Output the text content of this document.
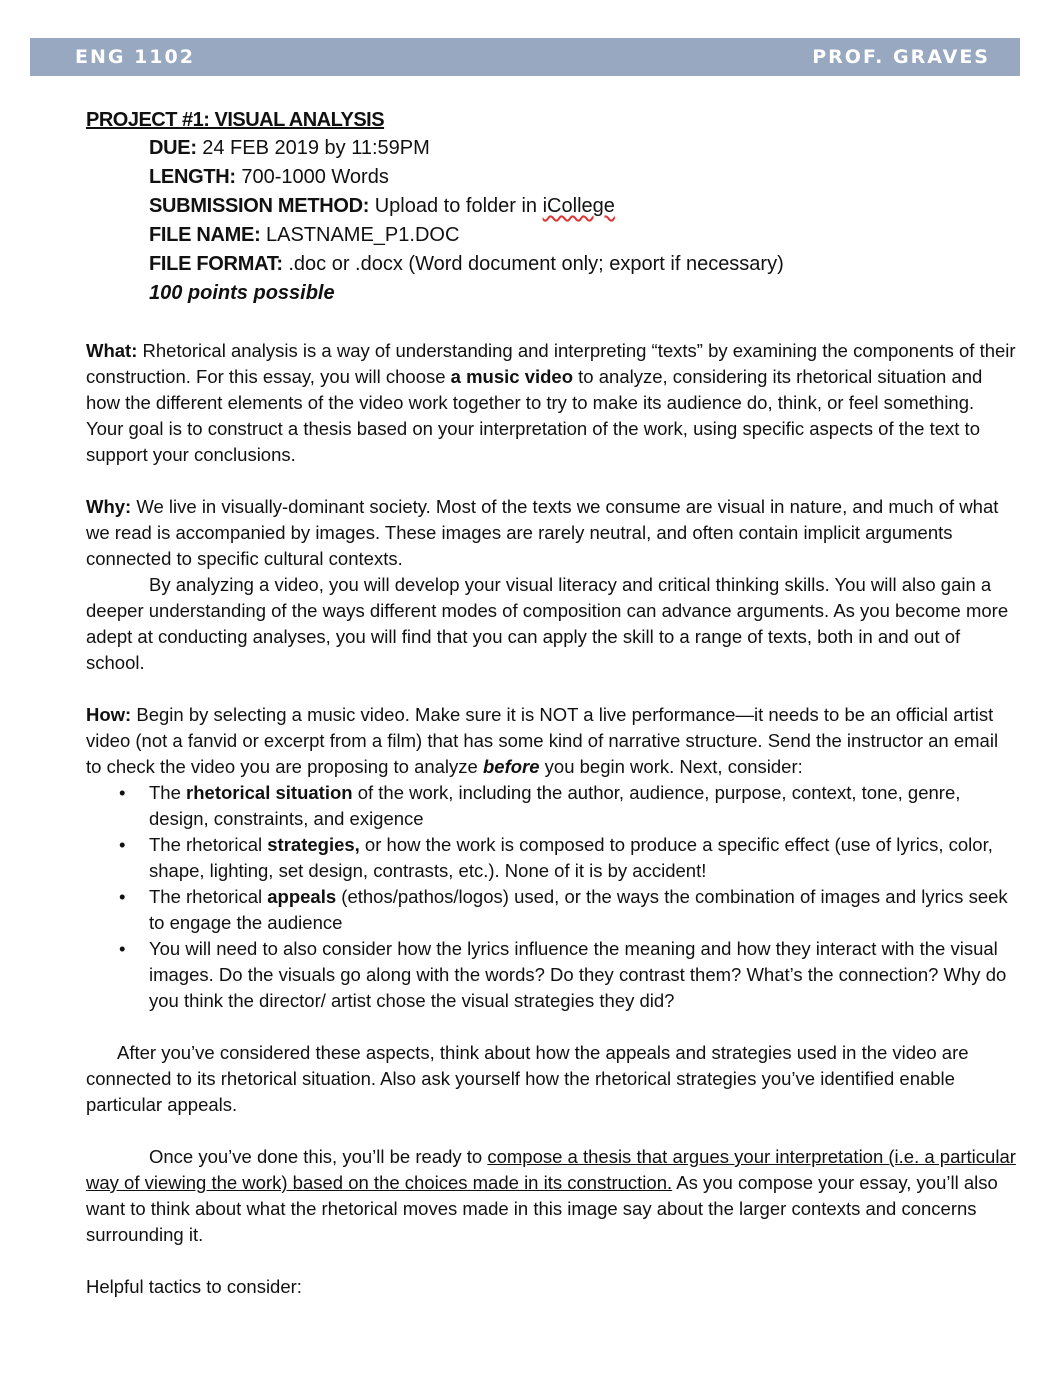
ENG 1102	PROF. GRAVES

PROJECT #1: VISUAL ANALYSIS

DUE: 24 FEB 2019 by 11:59PM
LENGTH: 700-1000 Words
SUBMISSION METHOD: Upload to folder in iCollege
FILE NAME: LASTNAME_P1.DOC
FILE FORMAT: .doc or .docx (Word document only; export if necessary)
100 points possible

What: Rhetorical analysis is a way of understanding and interpreting “texts” by examining the components of their construction. For this essay, you will choose a music video to analyze, considering its rhetorical situation and how the different elements of the video work together to try to make its audience do, think, or feel something. Your goal is to construct a thesis based on your interpretation of the work, using specific aspects of the text to support your conclusions.

Why: We live in visually-dominant society. Most of the texts we consume are visual in nature, and much of what we read is accompanied by images. These images are rarely neutral, and often contain implicit arguments connected to specific cultural contexts.

By analyzing a video, you will develop your visual literacy and critical thinking skills. You will also gain a deeper understanding of the ways different modes of composition can advance arguments. As you become more adept at conducting analyses, you will find that you can apply the skill to a range of texts, both in and out of school.

How: Begin by selecting a music video. Make sure it is NOT a live performance—it needs to be an official artist video (not a fanvid or excerpt from a film) that has some kind of narrative structure. Send the instructor an email to check the video you are proposing to analyze before you begin work. Next, consider:

• The rhetorical situation of the work, including the author, audience, purpose, context, tone, genre, design, constraints, and exigence
• The rhetorical strategies, or how the work is composed to produce a specific effect (use of lyrics, color, shape, lighting, set design, contrasts, etc.). None of it is by accident!
• The rhetorical appeals (ethos/pathos/logos) used, or the ways the combination of images and lyrics seek to engage the audience
• You will need to also consider how the lyrics influence the meaning and how they interact with the visual images. Do the visuals go along with the words? Do they contrast them? What’s the connection? Why do you think the director/ artist chose the visual strategies they did?

After you’ve considered these aspects, think about how the appeals and strategies used in the video are connected to its rhetorical situation. Also ask yourself how the rhetorical strategies you’ve identified enable particular appeals.

Once you’ve done this, you’ll be ready to compose a thesis that argues your interpretation (i.e. a particular way of viewing the work) based on the choices made in its construction. As you compose your essay, you’ll also want to think about what the rhetorical moves made in this image say about the larger contexts and concerns surrounding it.

Helpful tactics to consider:
